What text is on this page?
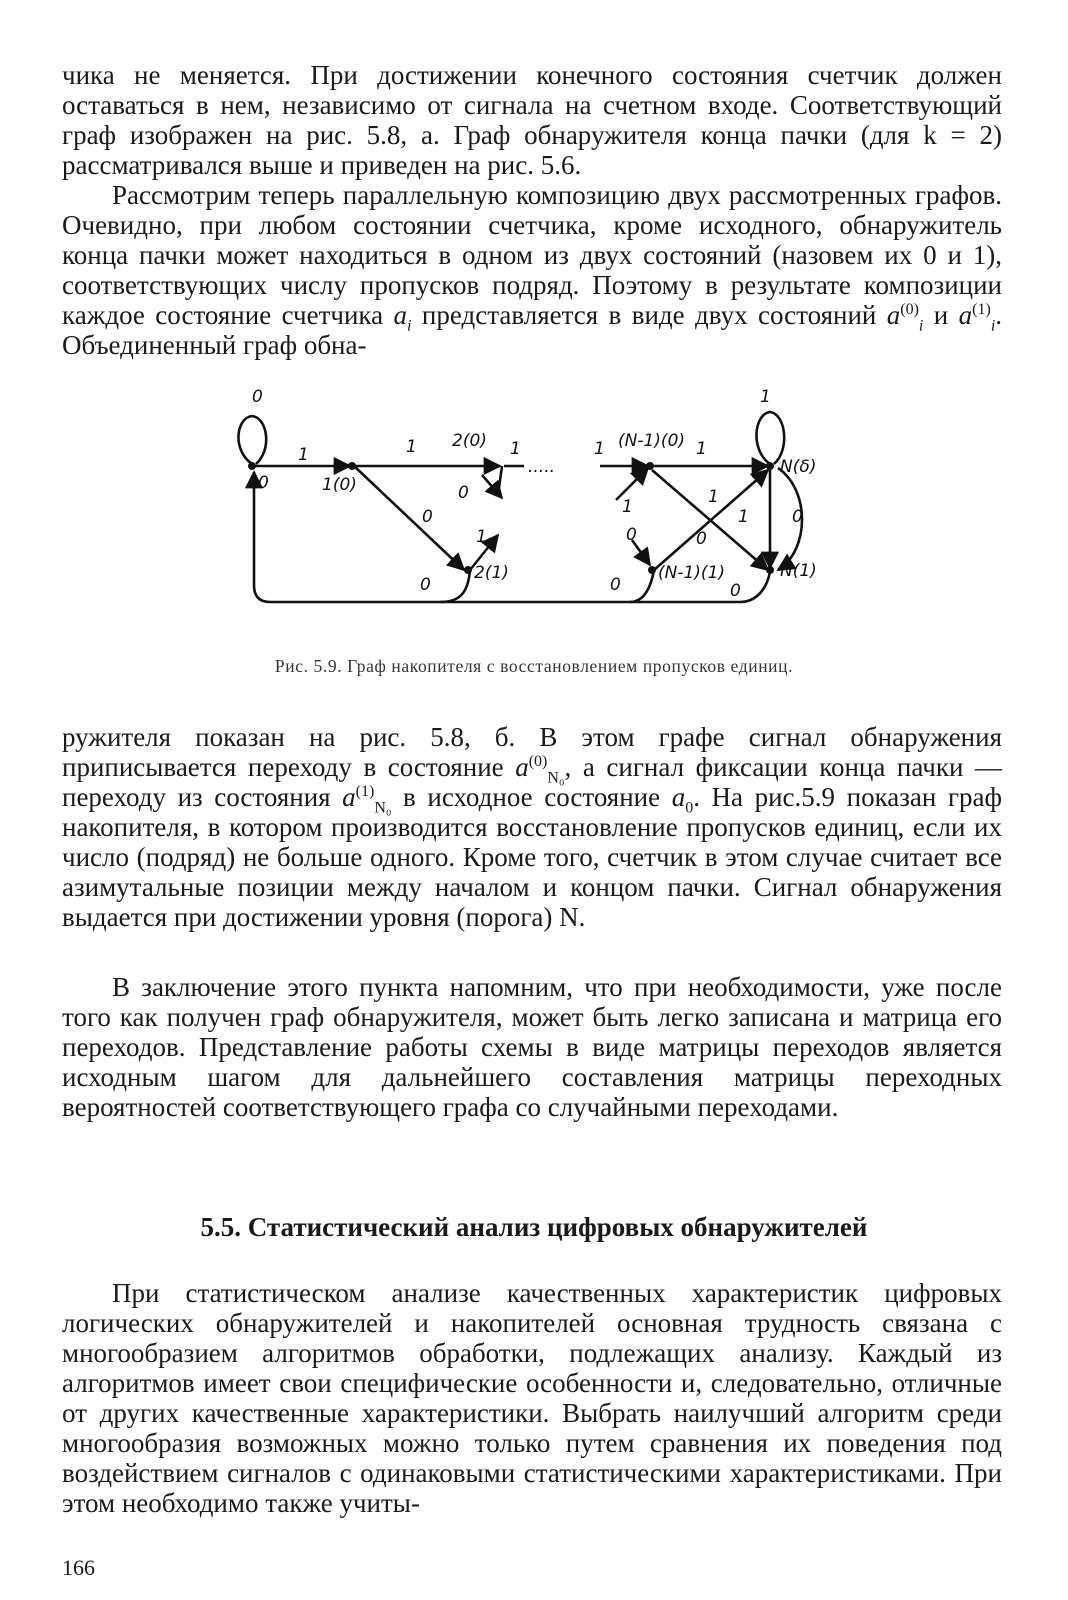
чика не меняется. При достижении конечного состояния счетчик должен оставаться в нем, независимо от сигнала на счетном входе. Соответствующий граф изображен на рис. 5.8, а. Граф обнаружителя конца пачки (для k = 2) рассматривался выше и приведен на рис. 5.6.

Рассмотрим теперь параллельную композицию двух рассмотренных графов. Очевидно, при любом состоянии счетчика, кроме исходного, обнаружитель конца пачки может находиться в одном из двух состояний (назовем их 0 и 1), соответствующих числу пропусков подряд. Поэтому в результате композиции каждое состояние счетчика $a_i$ представляется в виде двух состояний $a^{(0)}_i$ и $a^{(1)}_i$. Объединенный граф обна-

0	1
1
0	1(0)
1 2(0) 1
.....
0
0
1
2(1)
0
1 (N-1)(0) 1
1
0
1
0
1	0
(N-1)(1)
0	0
N(δ)
N(1)
Рис. 5.9. Граф накопителя с восстановлением пропусков единиц.

ружителя показан на рис. 5.8, б. В этом графе сигнал обнаружения приписывается переходу в состояние $a^{(0)}_{N_0}$, а сигнал фиксации конца пачки — переходу из состояния $a^{(1)}_{N_0}$ в исходное состояние $a_0$. На рис.5.9 показан граф накопителя, в котором производится восстановление пропусков единиц, если их число (подряд) не больше одного. Кроме того, счетчик в этом случае считает все азимутальные позиции между началом и концом пачки. Сигнал обнаружения выдается при достижении уровня (порога) N.

В заключение этого пункта напомним, что при необходимости, уже после того как получен граф обнаружителя, может быть легко записана и матрица его переходов. Представление работы схемы в виде матрицы переходов является исходным шагом для дальнейшего составления матрицы переходных вероятностей соответствующего графа со случайными переходами.

5.5. Статистический анализ цифровых обнаружителей

При статистическом анализе качественных характеристик цифровых логических обнаружителей и накопителей основная трудность связана с многообразием алгоритмов обработки, подлежащих анализу. Каждый из алгоритмов имеет свои специфические особенности и, следовательно, отличные от других качественные характеристики. Выбрать наилучший алгоритм среди многообразия возможных можно только путем сравнения их поведения под воздействием сигналов с одинаковыми статистическими характеристиками. При этом необходимо также учиты-

166
